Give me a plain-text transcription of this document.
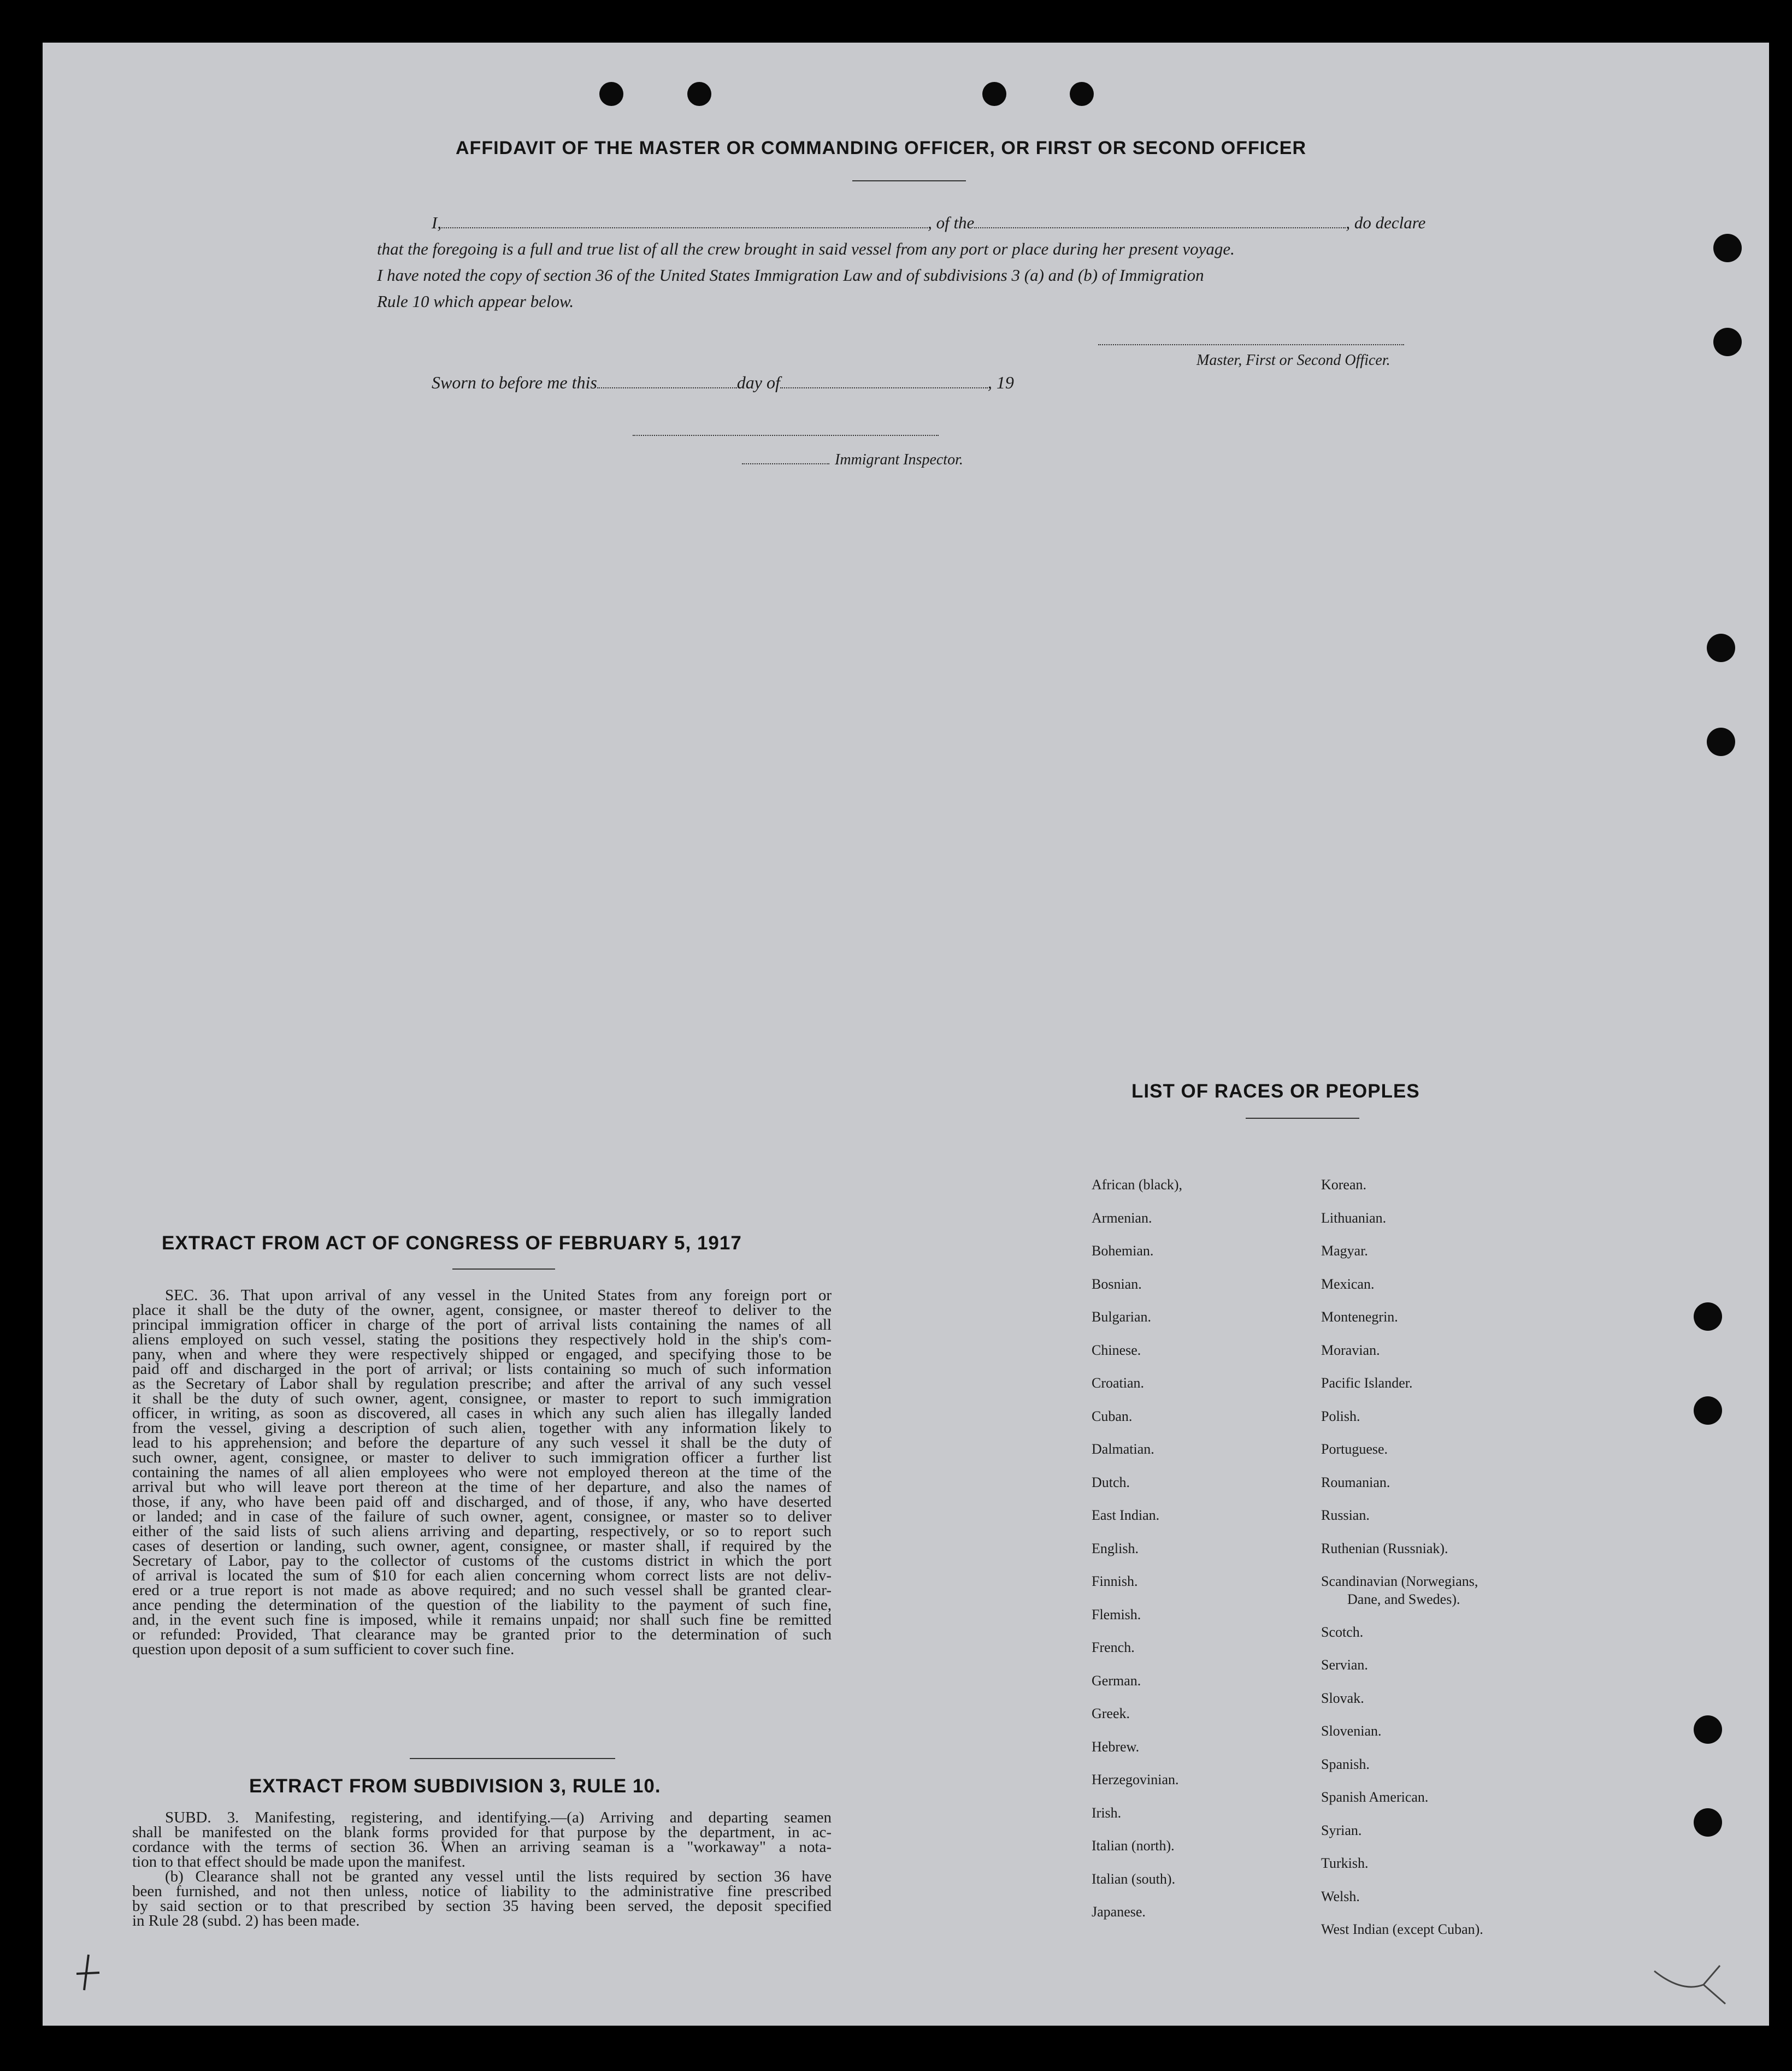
AFFIDAVIT OF THE MASTER OR COMMANDING OFFICER, OR FIRST OR SECOND OFFICER
I,	, of the	, do declare
that the foregoing is a full and true list of all the crew brought in said vessel from any port or place during her present voyage.
I have noted the copy of section 36 of the United States Immigration Law and of subdivisions 3 (a) and (b) of Immigration
Rule 10 which appear below.
Master, First or Second Officer.
Sworn to before me this	day of	, 19
Immigrant Inspector.
LIST OF RACES OR PEOPLES
African (black),
Armenian.
Bohemian.
Bosnian.
Bulgarian.
Chinese.
Croatian.
Cuban.
Dalmatian.
Dutch.
East Indian.
English.
Finnish.
Flemish.
French.
German.
Greek.
Hebrew.
Herzegovinian.
Irish.
Italian (north).
Italian (south).
Japanese.
Korean.
Lithuanian.
Magyar.
Mexican.
Montenegrin.
Moravian.
Pacific Islander.
Polish.
Portuguese.
Roumanian.
Russian.
Ruthenian (Russniak).
Scandinavian (Norwegians,
Dane, and Swedes).
Scotch.
Servian.
Slovak.
Slovenian.
Spanish.
Spanish American.
Syrian.
Turkish.
Welsh.
West Indian (except Cuban).
EXTRACT FROM ACT OF CONGRESS OF FEBRUARY 5, 1917
SEC. 36. That upon arrival of any vessel in the United States from any foreign port or
place it shall be the duty of the owner, agent, consignee, or master thereof to deliver to the
principal immigration officer in charge of the port of arrival lists containing the names of all
aliens employed on such vessel, stating the positions they respectively hold in the ship's com-
pany, when and where they were respectively shipped or engaged, and specifying those to be
paid off and discharged in the port of arrival; or lists containing so much of such information
as the Secretary of Labor shall by regulation prescribe; and after the arrival of any such vessel
it shall be the duty of such owner, agent, consignee, or master to report to such immigration
officer, in writing, as soon as discovered, all cases in which any such alien has illegally landed
from the vessel, giving a description of such alien, together with any information likely to
lead to his apprehension; and before the departure of any such vessel it shall be the duty of
such owner, agent, consignee, or master to deliver to such immigration officer a further list
containing the names of all alien employees who were not employed thereon at the time of the
arrival but who will leave port thereon at the time of her departure, and also the names of
those, if any, who have been paid off and discharged, and of those, if any, who have deserted
or landed; and in case of the failure of such owner, agent, consignee, or master so to deliver
either of the said lists of such aliens arriving and departing, respectively, or so to report such
cases of desertion or landing, such owner, agent, consignee, or master shall, if required by the
Secretary of Labor, pay to the collector of customs of the customs district in which the port
of arrival is located the sum of $10 for each alien concerning whom correct lists are not deliv-
ered or a true report is not made as above required; and no such vessel shall be granted clear-
ance pending the determination of the question of the liability to the payment of such fine,
and, in the event such fine is imposed, while it remains unpaid; nor shall such fine be remitted
or refunded: Provided, That clearance may be granted prior to the determination of such
question upon deposit of a sum sufficient to cover such fine.
EXTRACT FROM SUBDIVISION 3, RULE 10.
SUBD. 3. Manifesting, registering, and identifying.—(a) Arriving and departing seamen
shall be manifested on the blank forms provided for that purpose by the department, in ac-
cordance with the terms of section 36. When an arriving seaman is a "workaway" a nota-
tion to that effect should be made upon the manifest.
(b) Clearance shall not be granted any vessel until the lists required by section 36 have
been furnished, and not then unless, notice of liability to the administrative fine prescribed
by said section or to that prescribed by section 35 having been served, the deposit specified
in Rule 28 (subd. 2) has been made.
